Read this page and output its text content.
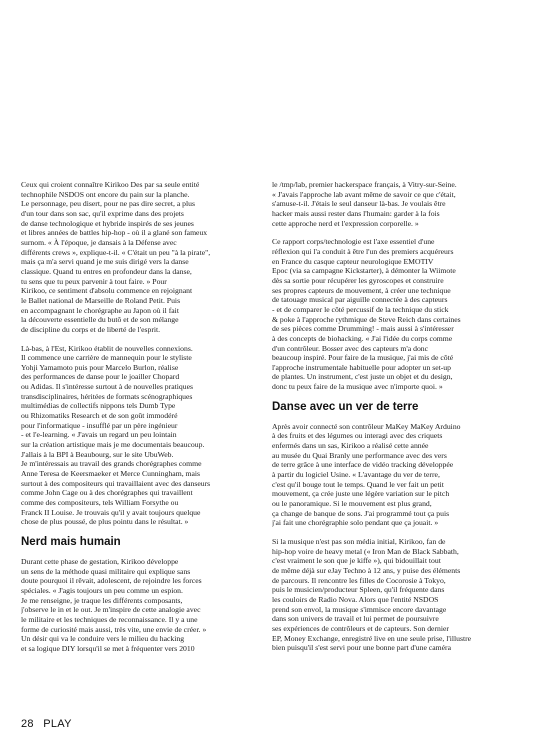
Ceux qui croient connaître Kirikoo Des par sa seule entité
technophile NSDOS ont encore du pain sur la planche.
Le personnage, peu disert, pour ne pas dire secret, a plus
d'un tour dans son sac, qu'il exprime dans des projets
de danse technologique et hybride inspirés de ses jeunes
et libres années de battles hip-hop - où il a glané son fameux
surnom. « À l'époque, je dansais à la Défense avec
différents crews », explique-t-il. « C'était un peu "à la pirate",
mais ça m'a servi quand je me suis dirigé vers la danse
classique. Quand tu entres en profondeur dans la danse,
tu sens que tu peux parvenir à tout faire. » Pour
Kirikoo, ce sentiment d'absolu commence en rejoignant
le Ballet national de Marseille de Roland Petit. Puis
en accompagnant le chorégraphe au Japon où il fait
la découverte essentielle du butô et de son mélange
de discipline du corps et de liberté de l'esprit.

Là-bas, à l'Est, Kirikoo établit de nouvelles connexions.
Il commence une carrière de mannequin pour le styliste
Yohji Yamamoto puis pour Marcelo Burlon, réalise
des performances de danse pour le joailler Chopard
ou Adidas. Il s'intéresse surtout à de nouvelles pratiques
transdisciplinaires, héritées de formats scénographiques
multimédias de collectifs nippons tels Dumb Type
ou Rhizomatiks Research et de son goût immodéré
pour l'informatique - insufflé par un père ingénieur
- et l'e-learning. « J'avais un regard un peu lointain
sur la création artistique mais je me documentais beaucoup.
J'allais à la BPI à Beaubourg, sur le site UbuWeb.
Je m'intéressais au travail des grands chorégraphes comme
Anne Teresa de Keersmaeker et Merce Cunningham, mais
surtout à des compositeurs qui travaillaient avec des danseurs
comme John Cage ou à des chorégraphes qui travaillent
comme des compositeurs, tels William Forsythe ou
Franck II Louise. Je trouvais qu'il y avait toujours quelque
chose de plus poussé, de plus pointu dans le résultat. »

Nerd mais humain

Durant cette phase de gestation, Kirikoo développe
un sens de la méthode quasi militaire qui explique sans
doute pourquoi il rêvait, adolescent, de rejoindre les forces
spéciales. « J'agis toujours un peu comme un espion.
Je me renseigne, je traque les différents composants,
j'observe le in et le out. Je m'inspire de cette analogie avec
le militaire et les techniques de reconnaissance. Il y a une
forme de curiosité mais aussi, très vite, une envie de créer. »
Un désir qui va le conduire vers le milieu du hacking
et sa logique DIY lorsqu'il se met à fréquenter vers 2010

le /tmp/lab, premier hackerspace français, à Vitry-sur-Seine.
« J'avais l'approche lab avant même de savoir ce que c'était,
s'amuse-t-il. J'étais le seul danseur là-bas. Je voulais être
hacker mais aussi rester dans l'humain: garder à la fois
cette approche nerd et l'expression corporelle. »

Ce rapport corps/technologie est l'axe essentiel d'une
réflexion qui l'a conduit à être l'un des premiers acquéreurs
en France du casque capteur neurologique EMOTIV
Epoc (via sa campagne Kickstarter), à démonter la Wiimote
dès sa sortie pour récupérer les gyroscopes et construire
ses propres capteurs de mouvement, à créer une technique
de tatouage musical par aiguille connectée à des capteurs
- et de comparer le côté percussif de la technique du stick
& poke à l'approche rythmique de Steve Reich dans certaines
de ses pièces comme Drumming! - mais aussi à s'intéresser
à des concepts de biohacking. « J'ai l'idée du corps comme
d'un contrôleur. Bosser avec des capteurs m'a donc
beaucoup inspiré. Pour faire de la musique, j'ai mis de côté
l'approche instrumentale habituelle pour adopter un set-up
de plantes. Un instrument, c'est juste un objet et du design,
donc tu peux faire de la musique avec n'importe quoi. »

Danse avec un ver de terre

Après avoir connecté son contrôleur MaKey MaKey Arduino
à des fruits et des légumes ou interagi avec des criquets
enfermés dans un sas, Kirikoo a réalisé cette année
au musée du Quai Branly une performance avec des vers
de terre grâce à une interface de vidéo tracking développée
à partir du logiciel Usine. « L'avantage du ver de terre,
c'est qu'il bouge tout le temps. Quand le ver fait un petit
mouvement, ça crée juste une légère variation sur le pitch
ou le panoramique. Si le mouvement est plus grand,
ça change de banque de sons. J'ai programmé tout ça puis
j'ai fait une chorégraphie solo pendant que ça jouait. »

Si la musique n'est pas son média initial, Kirikoo, fan de
hip-hop voire de heavy metal (« Iron Man de Black Sabbath,
c'est vraiment le son que je kiffe »), qui bidouillait tout
de même déjà sur eJay Techno à 12 ans, y puise des éléments
de parcours. Il rencontre les filles de Cocorosie à Tokyo,
puis le musicien/producteur Spleen, qu'il fréquente dans
les couloirs de Radio Nova. Alors que l'entité NSDOS
prend son envol, la musique s'immisce encore davantage
dans son univers de travail et lui permet de poursuivre
ses expériences de contrôleurs et de capteurs. Son dernier
EP, Money Exchange, enregistré live en une seule prise, l'illustre
bien puisqu'il s'est servi pour une bonne part d'une caméra

28 PLAY
